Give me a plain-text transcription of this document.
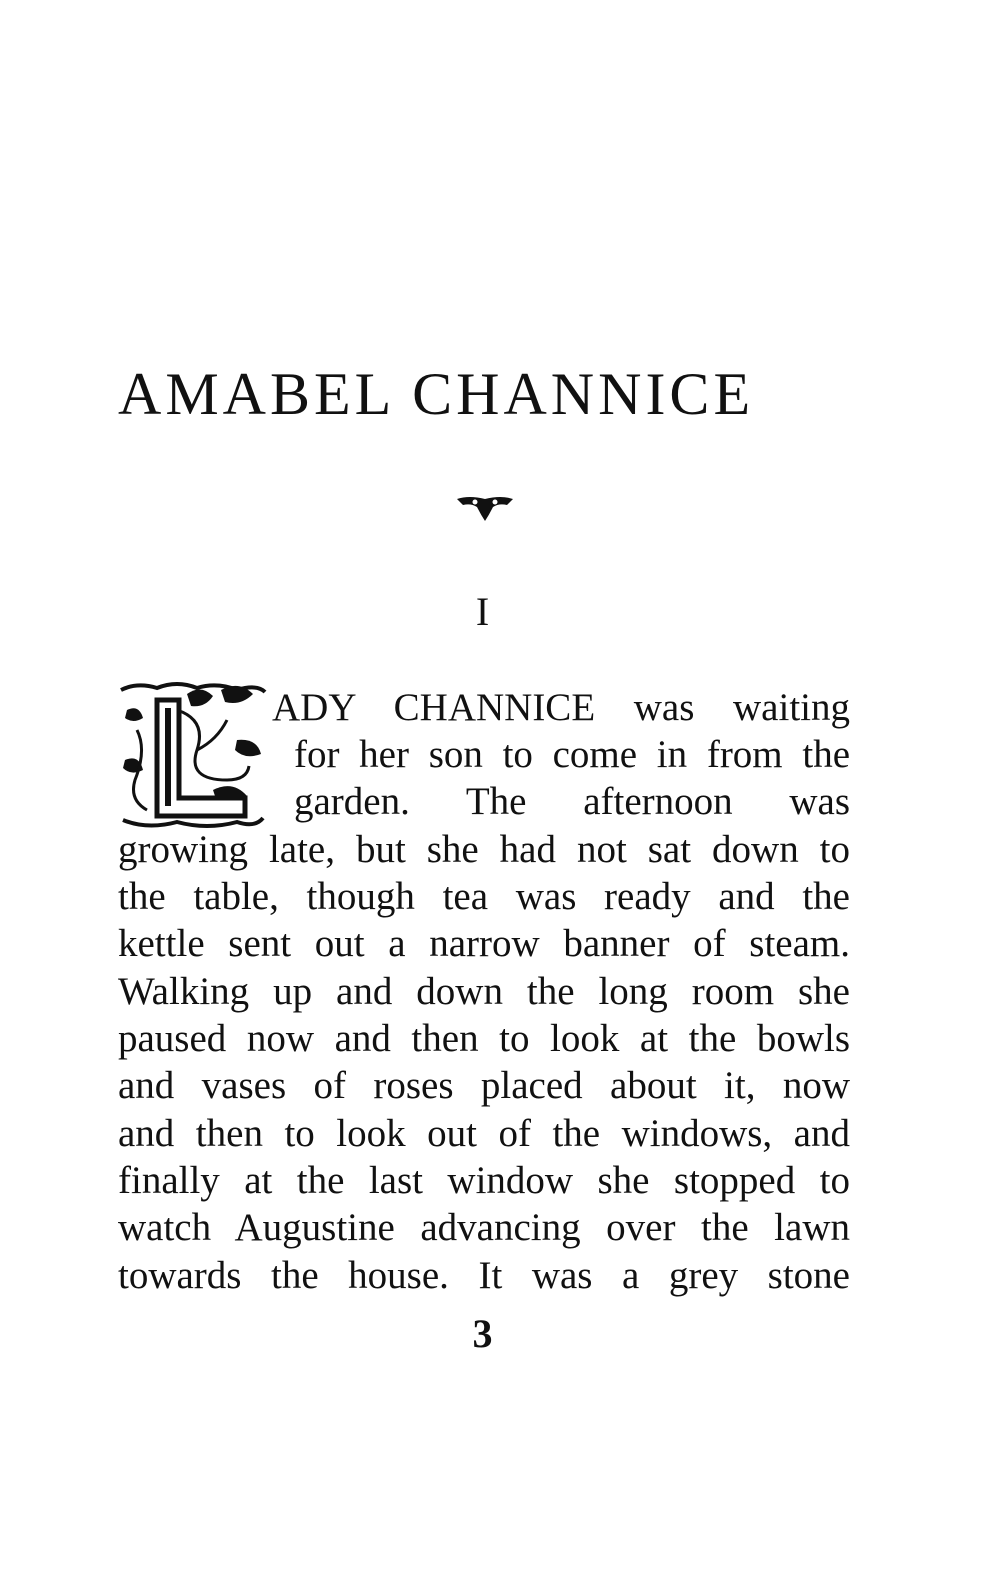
AMABEL CHANNICE
I
ADY CHANNICE was waiting
for her son to come in from the
garden. The afternoon was
growing late, but she had not sat down to
the table, though tea was ready and the
kettle sent out a narrow banner of steam.
Walking up and down the long room she
paused now and then to look at the bowls
and vases of roses placed about it, now
and then to look out of the windows, and
finally at the last window she stopped to
watch Augustine advancing over the lawn
towards the house. It was a grey stone
3
